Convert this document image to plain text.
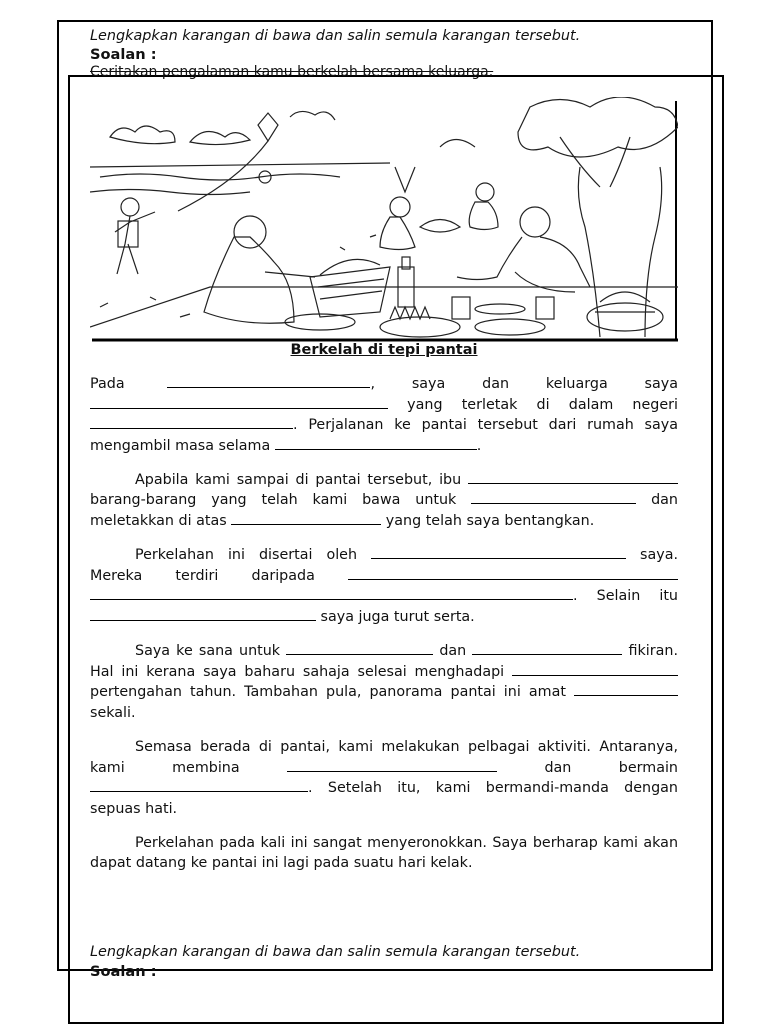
Lengkapkan karangan di bawa dan salin semula karangan tersebut.
Soalan :
Ceritakan pengalaman kamu berkelah bersama keluarga.
Berkelah di tepi pantai

Pada	, saya dan keluarga saya  yang terletak di dalam negeri . Perjalanan ke pantai tersebut dari rumah saya mengambil masa selama	.

Apabila kami sampai di pantai tersebut, ibu  barang-barang yang telah kami bawa untuk	dan meletakkan di atas	yang telah saya bentangkan.

Perkelahan ini disertai oleh	saya. Mereka terdiri daripada  . Selain itu  saya juga turut serta.

Saya ke sana untuk	dan	fikiran. Hal ini kerana saya baharu sahaja selesai menghadapi  pertengahan tahun. Tambahan pula, panorama pantai ini amat  sekali.

Semasa berada di pantai, kami melakukan pelbagai aktiviti. Antaranya, kami membina	dan bermain . Setelah itu, kami bermandi-manda dengan sepuas hati.

Perkelahan pada kali ini sangat menyeronokkan. Saya berharap kami akan dapat datang ke pantai ini lagi pada suatu hari kelak.

Lengkapkan karangan di bawa dan salin semula karangan tersebut.
Soalan :
